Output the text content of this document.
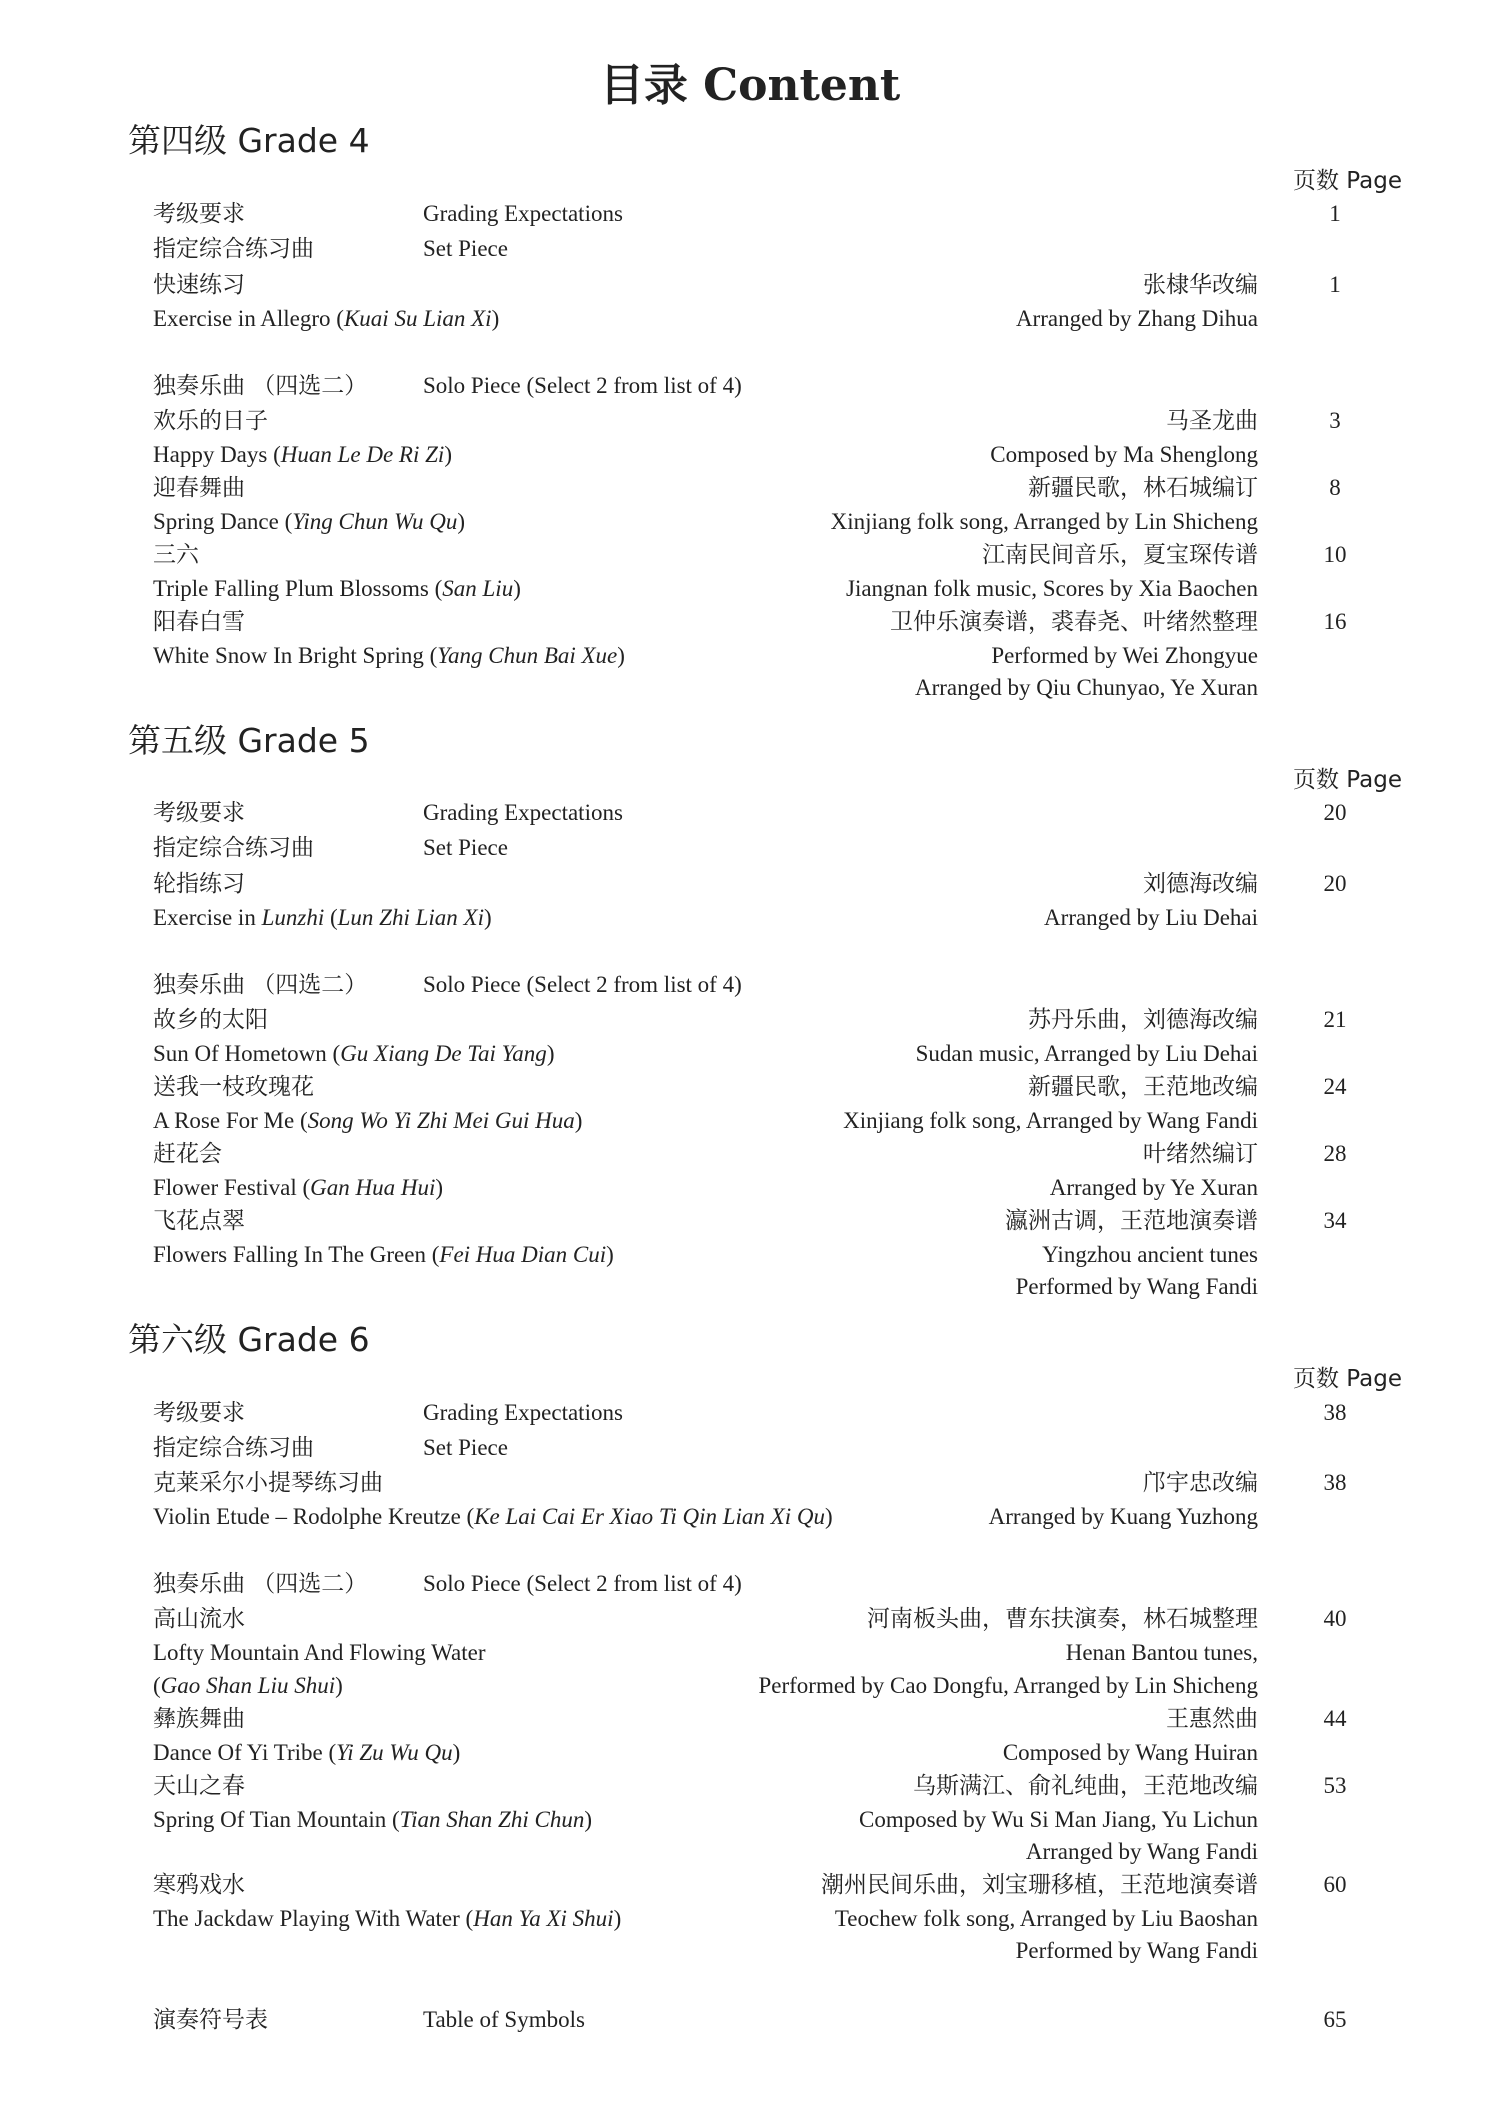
目录 Content
第四级 Grade 4
页数 Page
考级要求	Grading Expectations	1
指定综合练习曲	Set Piece
快速练习	张棣华改编	1
Exercise in Allegro (Kuai Su Lian Xi)	Arranged by Zhang Dihua
独奏乐曲 （四选二） Solo Piece (Select 2 from list of 4)
欢乐的日子	马圣龙曲	3
Happy Days (Huan Le De Ri Zi)	Composed by Ma Shenglong
迎春舞曲	新疆民歌，林石城编订	8
Spring Dance (Ying Chun Wu Qu)	Xinjiang folk song, Arranged by Lin Shicheng
三六	江南民间音乐，夏宝琛传谱	10
Triple Falling Plum Blossoms (San Liu)	Jiangnan folk music, Scores by Xia Baochen
阳春白雪	卫仲乐演奏谱，裘春尧、叶绪然整理	16
White Snow In Bright Spring (Yang Chun Bai Xue)	Performed by Wei Zhongyue
Arranged by Qiu Chunyao, Ye Xuran
第五级 Grade 5
页数 Page
考级要求	Grading Expectations	20
指定综合练习曲	Set Piece
轮指练习	刘德海改编	20
Exercise in Lunzhi (Lun Zhi Lian Xi)	Arranged by Liu Dehai
独奏乐曲 （四选二） Solo Piece (Select 2 from list of 4)
故乡的太阳	苏丹乐曲，刘德海改编	21
Sun Of Hometown (Gu Xiang De Tai Yang)	Sudan music, Arranged by Liu Dehai
送我一枝玫瑰花	新疆民歌，王范地改编	24
A Rose For Me (Song Wo Yi Zhi Mei Gui Hua)	Xinjiang folk song, Arranged by Wang Fandi
赶花会	叶绪然编订	28
Flower Festival (Gan Hua Hui)	Arranged by Ye Xuran
飞花点翠	瀛洲古调，王范地演奏谱	34
Flowers Falling In The Green (Fei Hua Dian Cui)	Yingzhou ancient tunes
Performed by Wang Fandi
第六级 Grade 6
页数 Page
考级要求	Grading Expectations	38
指定综合练习曲	Set Piece
克莱采尔小提琴练习曲	邝宇忠改编	38
Violin Etude – Rodolphe Kreutze (Ke Lai Cai Er Xiao Ti Qin Lian Xi Qu)	Arranged by Kuang Yuzhong
独奏乐曲 （四选二） Solo Piece (Select 2 from list of 4)
高山流水	河南板头曲，曹东扶演奏，林石城整理	40
Lofty Mountain And Flowing Water	Henan Bantou tunes,
(Gao Shan Liu Shui)	Performed by Cao Dongfu, Arranged by Lin Shicheng
彝族舞曲	王惠然曲	44
Dance Of Yi Tribe (Yi Zu Wu Qu)	Composed by Wang Huiran
天山之春	乌斯满江、俞礼纯曲，王范地改编	53
Spring Of Tian Mountain (Tian Shan Zhi Chun)	Composed by Wu Si Man Jiang, Yu Lichun
Arranged by Wang Fandi
寒鸦戏水	潮州民间乐曲，刘宝珊移植，王范地演奏谱	60
The Jackdaw Playing With Water (Han Ya Xi Shui)	Teochew folk song, Arranged by Liu Baoshan
Performed by Wang Fandi
演奏符号表	Table of Symbols	65
